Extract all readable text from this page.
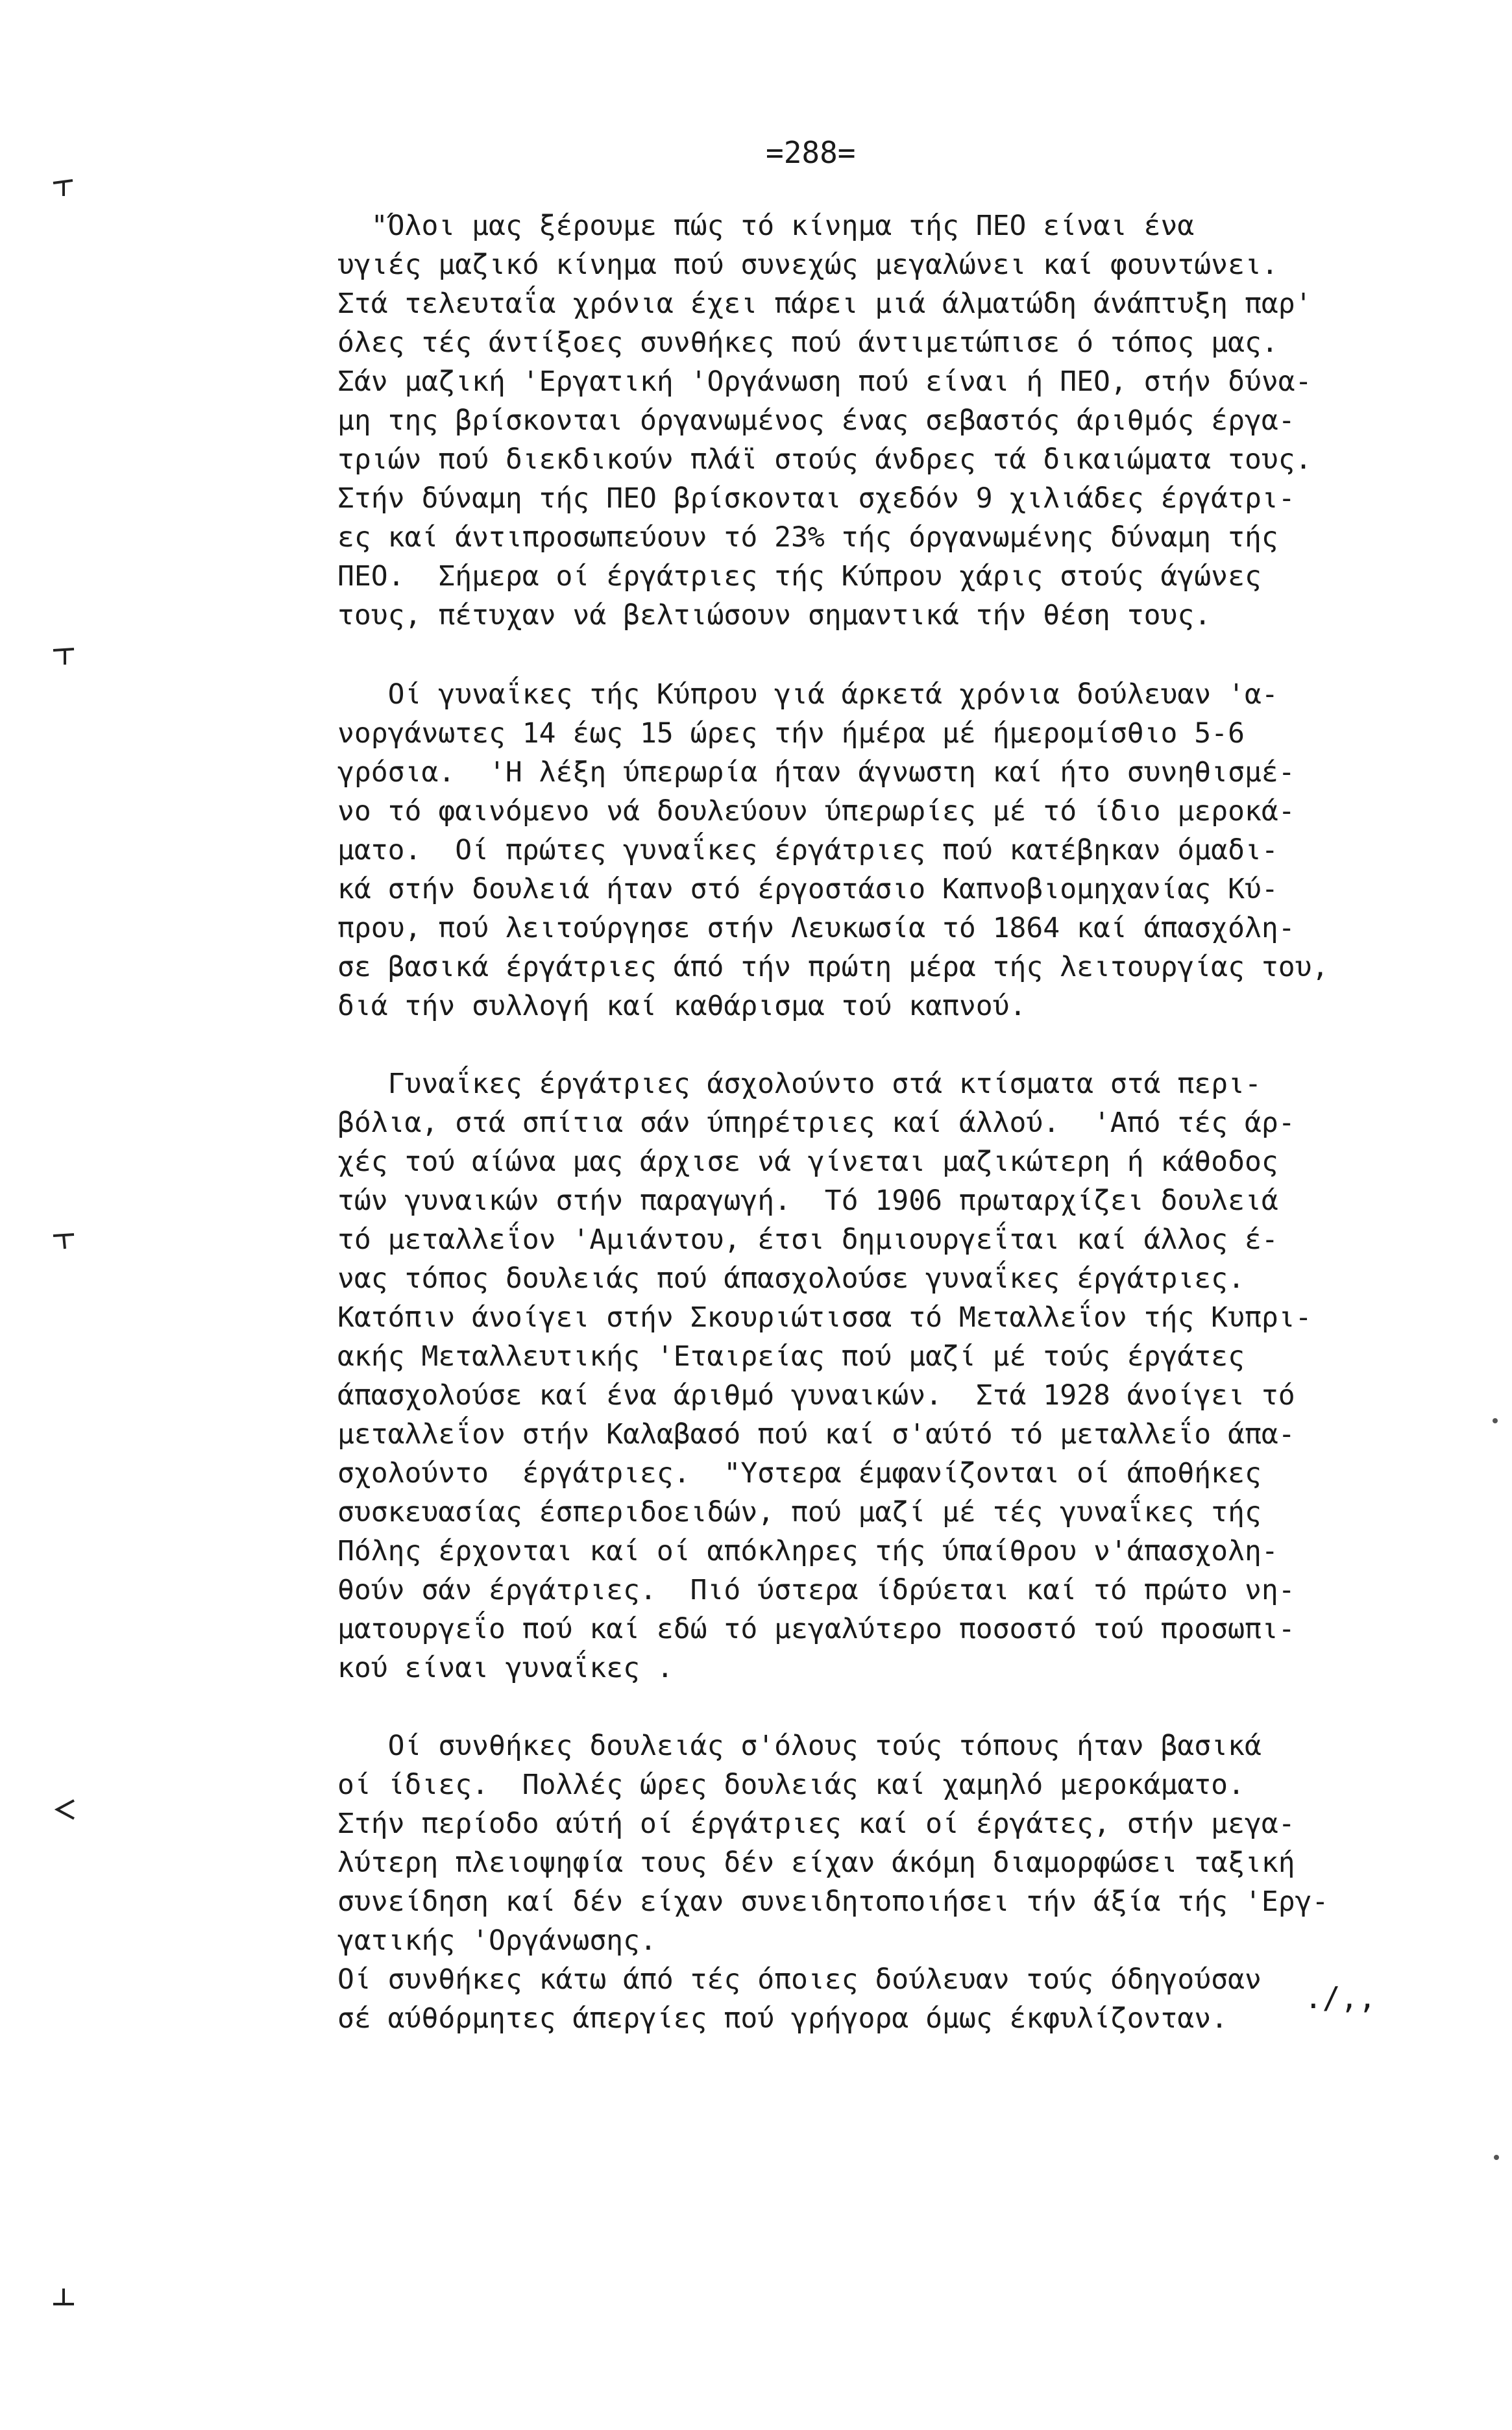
=288=
"Όλοι μας ξέρουμε πώς τό κίνημα τής ΠΕΟ είναι ένα
υγιές μαζικό κίνημα πού συνεχώς μεγαλώνει καί φουντώνει.
Στά τελευταΐα χρόνια έχει πάρει μιά άλματώδη άνάπτυξη παρ'
όλες τές άντίξοες συνθήκες πού άντιμετώπισε ό τόπος μας.
Σάν μαζική 'Εργατική 'Οργάνωση πού είναι ή ΠΕΟ, στήν δύνα-
μη της βρίσκονται όργανωμένος ένας σεβαστός άριθμός έργα-
τριών πού διεκδικούν πλάϊ στούς άνδρες τά δικαιώματα τους.
Στήν δύναμη τής ΠΕΟ βρίσκονται σχεδόν 9 χιλιάδες έργάτρι-
ες καί άντιπροσωπεύουν τό 23% τής όργανωμένης δύναμη τής
ΠΕΟ.  Σήμερα οί έργάτριες τής Κύπρου χάρις στούς άγώνες
τους, πέτυχαν νά βελτιώσουν σημαντικά τήν θέση τους.
Οί γυναΐκες τής Κύπρου γιά άρκετά χρόνια δούλευαν 'α-
νοργάνωτες 14 έως 15 ώρες τήν ήμέρα μέ ήμερομίσθιο 5-6
γρόσια.  'Η λέξη ύπερωρία ήταν άγνωστη καί ήτο συνηθισμέ-
νο τό φαινόμενο νά δουλεύουν ύπερωρίες μέ τό ίδιο μεροκά-
ματο.  Οί πρώτες γυναΐκες έργάτριες πού κατέβηκαν όμαδι-
κά στήν δουλειά ήταν στό έργοστάσιο Καπνοβιομηχανίας Κύ-
πρου, πού λειτούργησε στήν Λευκωσία τό 1864 καί άπασχόλη-
σε βασικά έργάτριες άπό τήν πρώτη μέρα τής λειτουργίας του,
διά τήν συλλογή καί καθάρισμα τού καπνού.
Γυναΐκες έργάτριες άσχολούντο στά κτίσματα στά περι-
βόλια, στά σπίτια σάν ύπηρέτριες καί άλλού.  'Από τές άρ-
χές τού αίώνα μας άρχισε νά γίνεται μαζικώτερη ή κάθοδος
τών γυναικών στήν παραγωγή.  Τό 1906 πρωταρχίζει δουλειά
τό μεταλλεΐον 'Αμιάντου, έτσι δημιουργεΐται καί άλλος έ-
νας τόπος δουλειάς πού άπασχολούσε γυναΐκες έργάτριες.
Κατόπιν άνοίγει στήν Σκουριώτισσα τό Μεταλλεΐον τής Κυπρι-
ακής Μεταλλευτικής 'Εταιρείας πού μαζί μέ τούς έργάτες
άπασχολούσε καί ένα άριθμό γυναικών.  Στά 1928 άνοίγει τό
μεταλλεΐον στήν Καλαβασό πού καί σ'αύτό τό μεταλλεΐο άπα-
σχολούντο  έργάτριες.  "Υστερα έμφανίζονται οί άποθήκες
συσκευασίας έσπεριδοειδών, πού μαζί μέ τές γυναΐκες τής
Πόλης έρχονται καί οί απόκληρες τής ύπαίθρου ν'άπασχολη-
θούν σάν έργάτριες.  Πιό ύστερα ίδρύεται καί τό πρώτο νη-
ματουργεΐο πού καί εδώ τό μεγαλύτερο ποσοστό τού προσωπι-
κού είναι γυναΐκες .
Οί συνθήκες δουλειάς σ'όλους τούς τόπους ήταν βασικά
οί ίδιες.  Πολλές ώρες δουλειάς καί χαμηλό μεροκάματο.
Στήν περίοδο αύτή οί έργάτριες καί οί έργάτες, στήν μεγα-
λύτερη πλειοψηφία τους δέν είχαν άκόμη διαμορφώσει ταξική
συνείδηση καί δέν είχαν συνειδητοποιήσει τήν άξία τής 'Εργ-
γατικής 'Οργάνωσης.
Οί συνθήκες κάτω άπό τές όποιες δούλευαν τούς όδηγούσαν
σέ αύθόρμητες άπεργίες πού γρήγορα όμως έκφυλίζονταν.
./,,
